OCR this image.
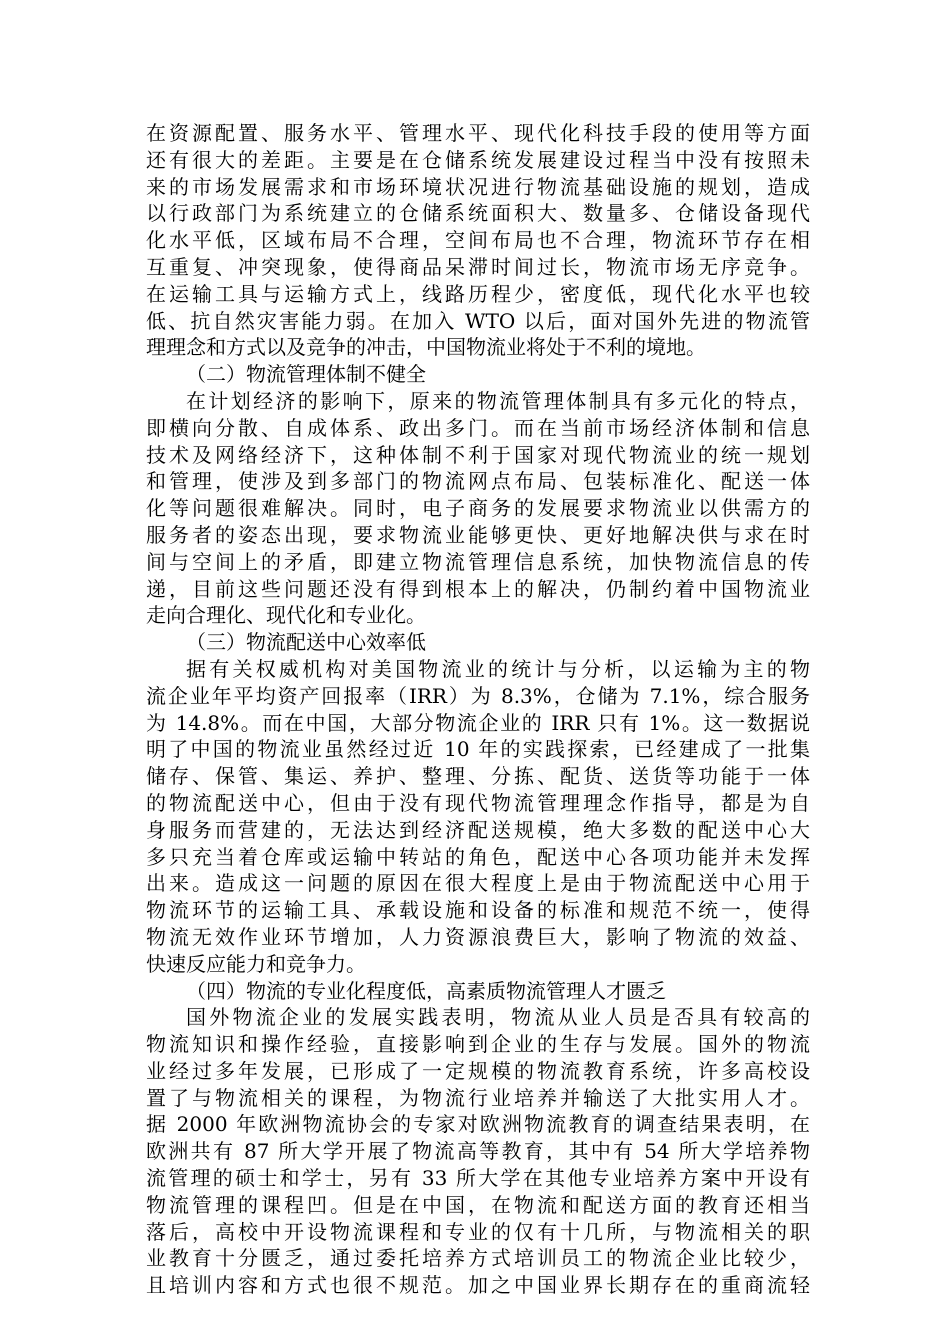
在资源配置、服务水平、管理水平、现代化科技手段的使用等方面
还有很大的差距。主要是在仓储系统发展建设过程当中没有按照未
来的市场发展需求和市场环境状况进行物流基础设施的规划，造成
以行政部门为系统建立的仓储系统面积大、数量多、仓储设备现代
化水平低，区域布局不合理，空间布局也不合理，物流环节存在相
互重复、冲突现象，使得商品呆滞时间过长，物流市场无序竞争。
在运输工具与运输方式上，线路历程少，密度低，现代化水平也较
低、抗自然灾害能力弱。在加入 WTO 以后，面对国外先进的物流管
理理念和方式以及竞争的冲击，中国物流业将处于不利的境地。
（二）物流管理体制不健全
在计划经济的影响下，原来的物流管理体制具有多元化的特点，
即横向分散、自成体系、政出多门。而在当前市场经济体制和信息
技术及网络经济下，这种体制不利于国家对现代物流业的统一规划
和管理，使涉及到多部门的物流网点布局、包装标准化、配送一体
化等问题很难解决。同时，电子商务的发展要求物流业以供需方的
服务者的姿态出现，要求物流业能够更快、更好地解决供与求在时
间与空间上的矛盾，即建立物流管理信息系统，加快物流信息的传
递，目前这些问题还没有得到根本上的解决，仍制约着中国物流业
走向合理化、现代化和专业化。
（三）物流配送中心效率低
据有关权威机构对美国物流业的统计与分析，以运输为主的物
流企业年平均资产回报率（IRR）为 8.3%，仓储为 7.1%，综合服务
为 14.8%。而在中国，大部分物流企业的 IRR 只有 1%。这一数据说
明了中国的物流业虽然经过近 10 年的实践探索，已经建成了一批集
储存、保管、集运、养护、整理、分拣、配货、送货等功能于一体
的物流配送中心，但由于没有现代物流管理理念作指导，都是为自
身服务而营建的，无法达到经济配送规模，绝大多数的配送中心大
多只充当着仓库或运输中转站的角色，配送中心各项功能并未发挥
出来。造成这一问题的原因在很大程度上是由于物流配送中心用于
物流环节的运输工具、承载设施和设备的标准和规范不统一，使得
物流无效作业环节增加，人力资源浪费巨大，影响了物流的效益、
快速反应能力和竞争力。
（四）物流的专业化程度低，高素质物流管理人才匮乏
国外物流企业的发展实践表明，物流从业人员是否具有较高的
物流知识和操作经验，直接影响到企业的生存与发展。国外的物流
业经过多年发展，已形成了一定规模的物流教育系统，许多高校设
置了与物流相关的课程，为物流行业培养并输送了大批实用人才。
据 2000 年欧洲物流协会的专家对欧洲物流教育的调查结果表明，在
欧洲共有 87 所大学开展了物流高等教育，其中有 54 所大学培养物
流管理的硕士和学士，另有 33 所大学在其他专业培养方案中开设有
物流管理的课程凹。但是在中国，在物流和配送方面的教育还相当
落后，高校中开设物流课程和专业的仅有十几所，与物流相关的职
业教育十分匮乏，通过委托培养方式培训员工的物流企业比较少，
且培训内容和方式也很不规范。加之中国业界长期存在的重商流轻
